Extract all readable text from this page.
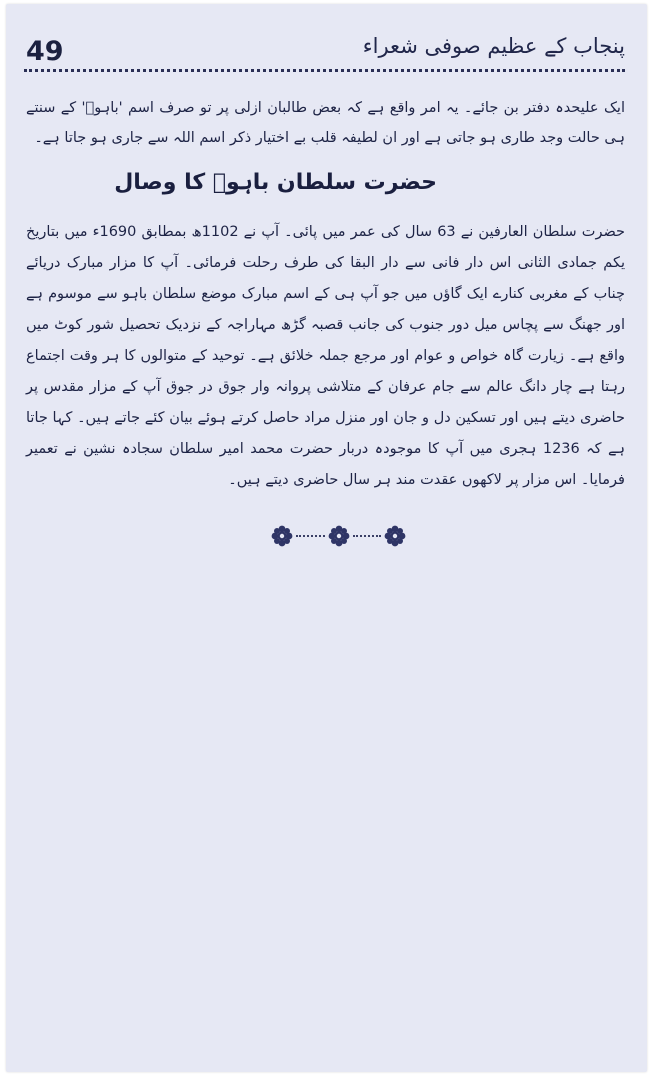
49	پنجاب کے عظیم صوفی شعراء

ایک علیحدہ دفتر بن جائے۔ یہ امر واقع ہے کہ بعض طالبان ازلی پر تو صرف اسم 'باہوؒ' کے سنتے ہی حالت وجد طاری ہو جاتی ہے اور ان لطیفہ قلب بے اختیار ذکر اسم اللہ سے جاری ہو جاتا ہے۔

حضرت سلطان باہوؒ کا وصال

حضرت سلطان العارفین نے 63 سال کی عمر میں پائی۔ آپ نے 1102ھ بمطابق 1690ء میں بتاریخ یکم جمادی الثانی اس دار فانی سے دار البقا کی طرف رحلت فرمائی۔ آپ کا مزار مبارک دریائے چناب کے مغربی کنارے ایک گاؤں میں جو آپ ہی کے اسم مبارک موضع سلطان باہو سے موسوم ہے اور جھنگ سے پچاس میل دور جنوب کی جانب قصبہ گڑھ مہاراجہ کے نزدیک تحصیل شور کوٹ میں واقع ہے۔ زیارت گاہ خواص و عوام اور مرجع جملہ خلائق ہے۔ توحید کے متوالوں کا ہر وقت اجتماع رہتا ہے چار دانگ عالم سے جام عرفان کے متلاشی پروانہ وار جوق در جوق آپ کے مزار مقدس پر حاضری دیتے ہیں اور تسکین دل و جان اور منزل مراد حاصل کرتے ہوئے بیان کئے جاتے ہیں۔ کہا جاتا ہے کہ 1236 ہجری میں آپ کا موجودہ دربار حضرت محمد امیر سلطان سجادہ نشین نے تعمیر فرمایا۔ اس مزار پر لاکھوں عقدت مند ہر سال حاضری دیتے ہیں۔
